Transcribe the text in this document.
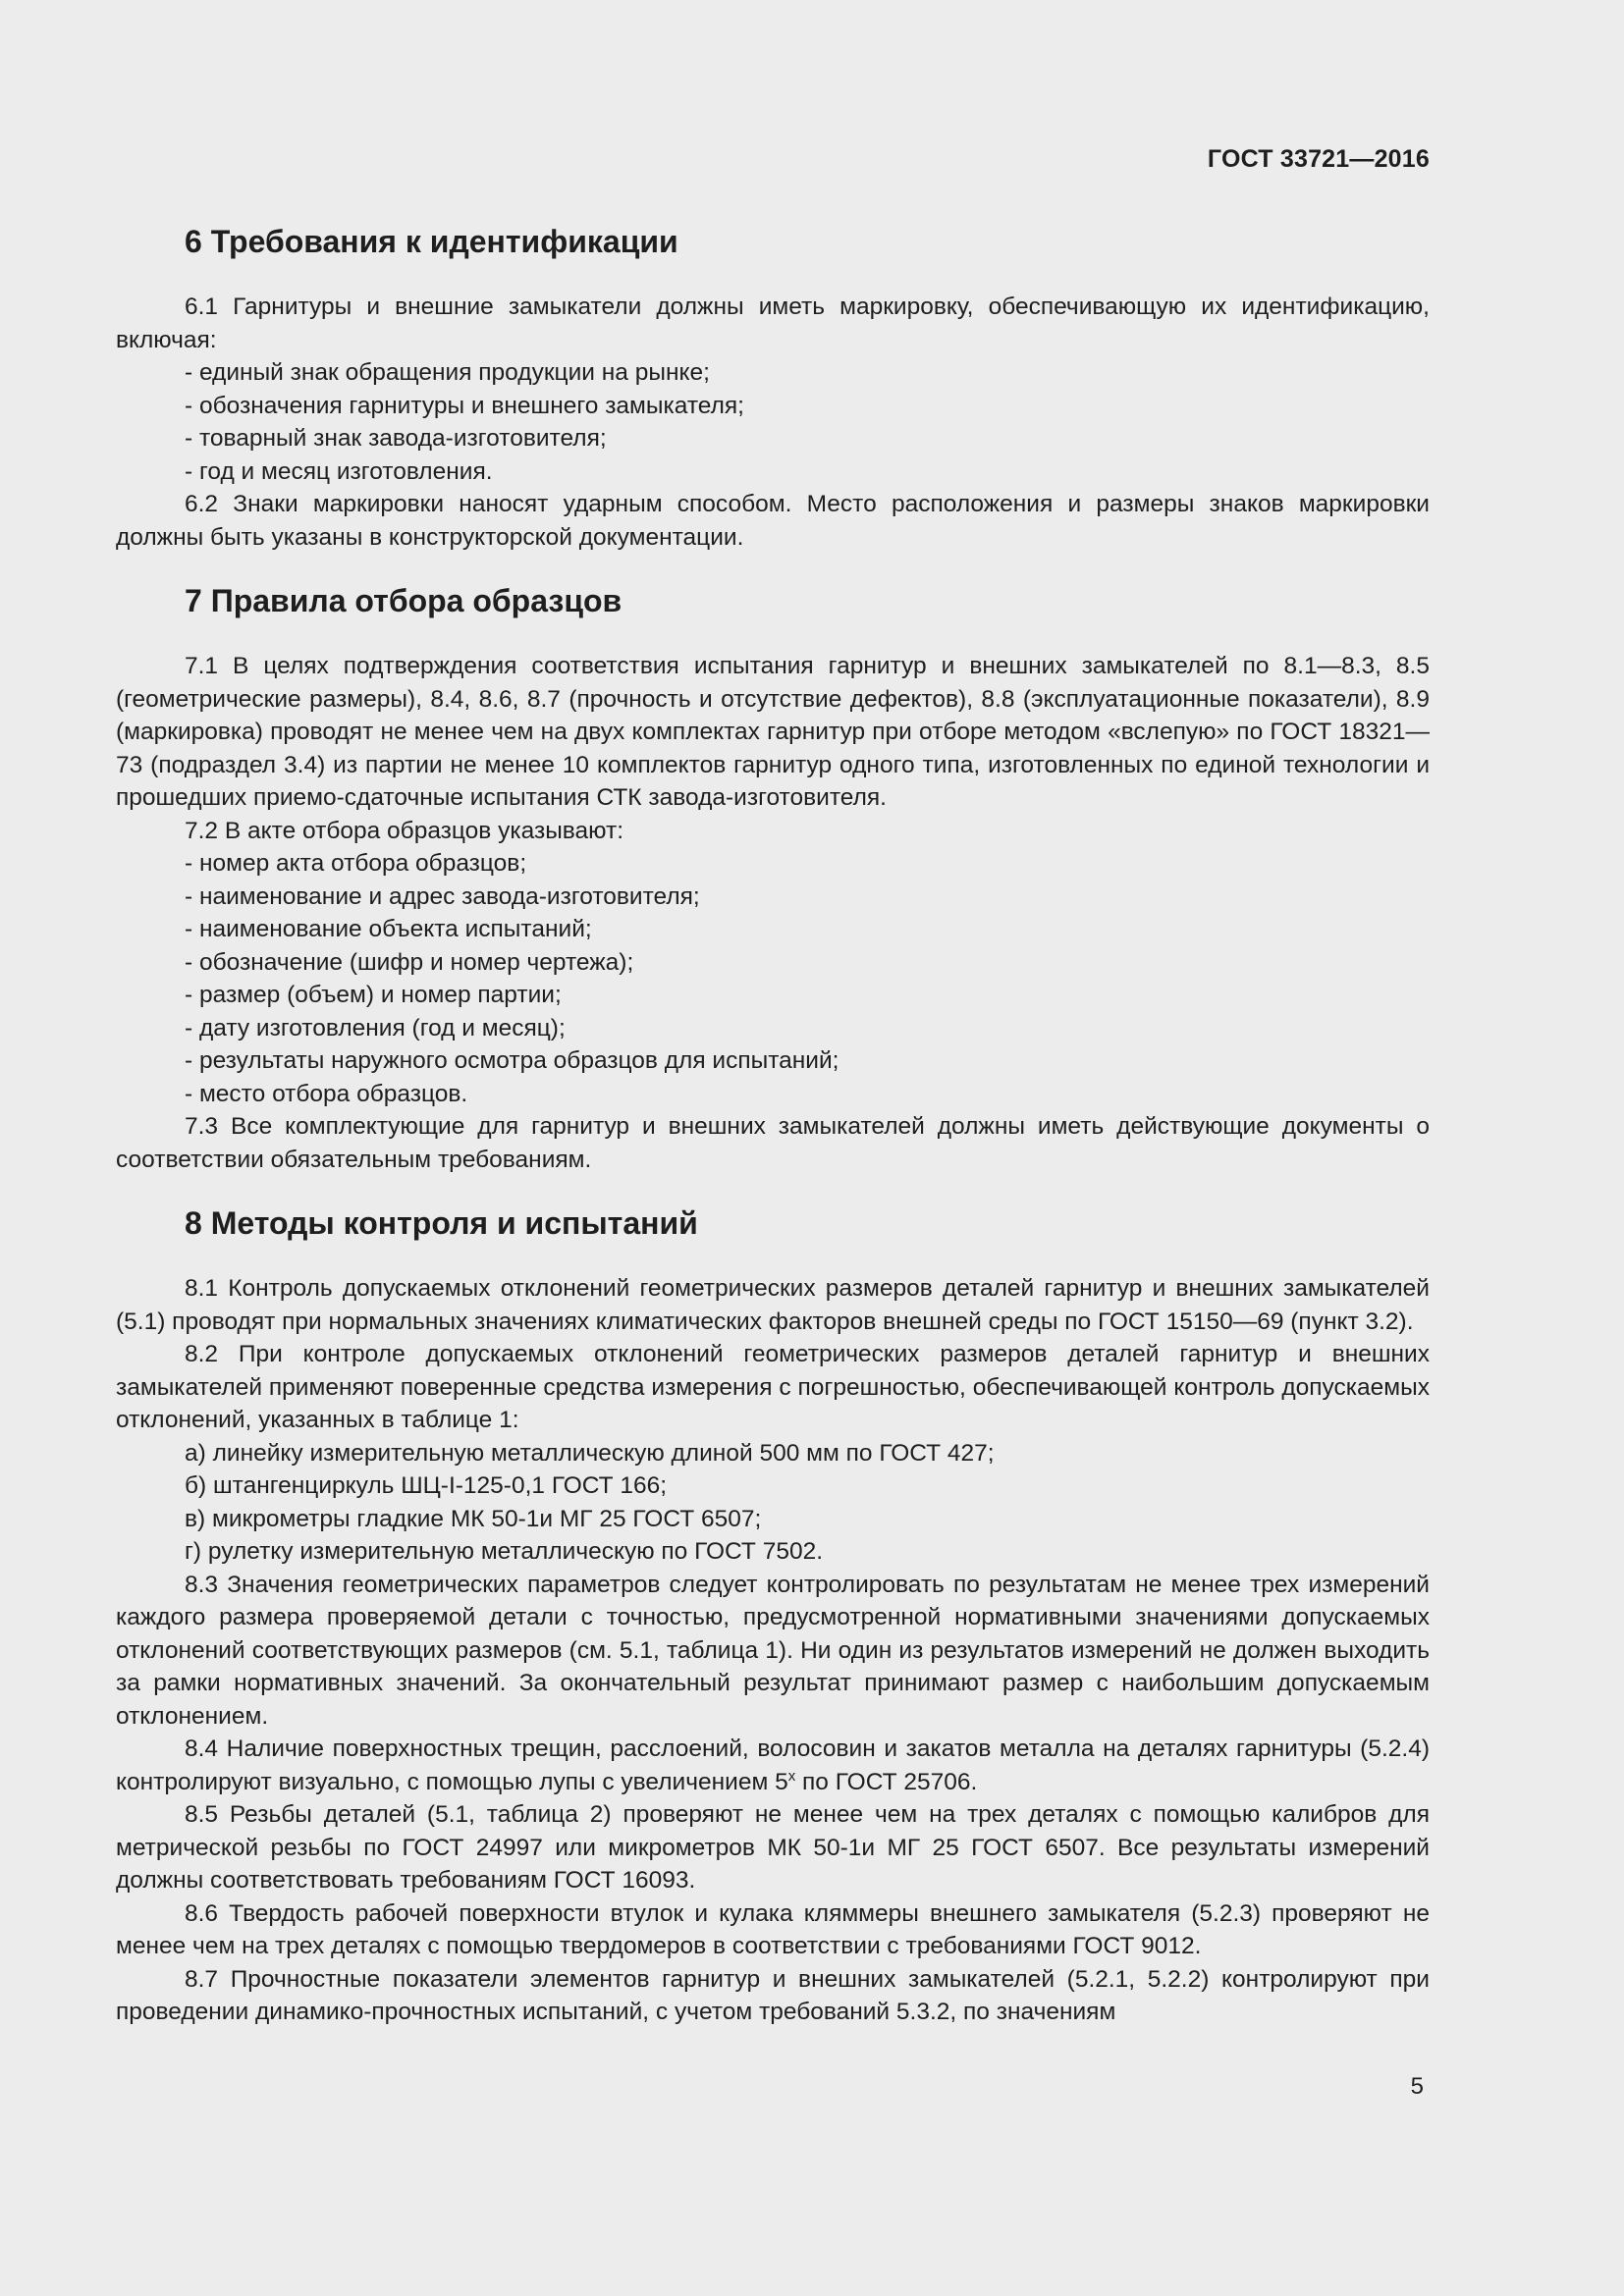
ГОСТ 33721—2016
6 Требования к идентификации

6.1 Гарнитуры и внешние замыкатели должны иметь маркировку, обеспечивающую их идентификацию, включая:

- единый знак обращения продукции на рынке;

- обозначения гарнитуры и внешнего замыкателя;

- товарный знак завода-изготовителя;

- год и месяц изготовления.

6.2 Знаки маркировки наносят ударным способом. Место расположения и размеры знаков маркировки должны быть указаны в конструкторской документации.

7 Правила отбора образцов

7.1 В целях подтверждения соответствия испытания гарнитур и внешних замыкателей по 8.1—8.3, 8.5 (геометрические размеры), 8.4, 8.6, 8.7 (прочность и отсутствие дефектов), 8.8 (эксплуатационные показатели), 8.9 (маркировка) проводят не менее чем на двух комплектах гарнитур при отборе методом «вслепую» по ГОСТ 18321—73 (подраздел 3.4) из партии не менее 10 комплектов гарнитур одного типа, изготовленных по единой технологии и прошедших приемо-сдаточные испытания СТК завода-изготовителя.

7.2 В акте отбора образцов указывают:

- номер акта отбора образцов;

- наименование и адрес завода-изготовителя;

- наименование объекта испытаний;

- обозначение (шифр и номер чертежа);

- размер (объем) и номер партии;

- дату изготовления (год и месяц);

- результаты наружного осмотра образцов для испытаний;

- место отбора образцов.

7.3 Все комплектующие для гарнитур и внешних замыкателей должны иметь действующие документы о соответствии обязательным требованиям.

8 Методы контроля и испытаний

8.1 Контроль допускаемых отклонений геометрических размеров деталей гарнитур и внешних замыкателей (5.1) проводят при нормальных значениях климатических факторов внешней среды по ГОСТ 15150—69 (пункт 3.2).

8.2 При контроле допускаемых отклонений геометрических размеров деталей гарнитур и внешних замыкателей применяют поверенные средства измерения с погрешностью, обеспечивающей контроль допускаемых отклонений, указанных в таблице 1:

а) линейку измерительную металлическую длиной 500 мм по ГОСТ 427;

б) штангенциркуль ШЦ-I-125-0,1 ГОСТ 166;

в) микрометры гладкие МК 50-1и МГ 25 ГОСТ 6507;

г) рулетку измерительную металлическую по ГОСТ 7502.

8.3 Значения геометрических параметров следует контролировать по результатам не менее трех измерений каждого размера проверяемой детали с точностью, предусмотренной нормативными значениями допускаемых отклонений соответствующих размеров (см. 5.1, таблица 1). Ни один из результатов измерений не должен выходить за рамки нормативных значений. За окончательный результат принимают размер с наибольшим допускаемым отклонением.

8.4 Наличие поверхностных трещин, расслоений, волосовин и закатов металла на деталях гарнитуры (5.2.4) контролируют визуально, с помощью лупы с увеличением $5^х$ по ГОСТ 25706.

8.5 Резьбы деталей (5.1, таблица 2) проверяют не менее чем на трех деталях с помощью калибров для метрической резьбы по ГОСТ 24997 или микрометров МК 50-1и МГ 25 ГОСТ 6507. Все результаты измерений должны соответствовать требованиям ГОСТ 16093.

8.6 Твердость рабочей поверхности втулок и кулака кляммеры внешнего замыкателя (5.2.3) проверяют не менее чем на трех деталях с помощью твердомеров в соответствии с требованиями ГОСТ 9012.

8.7 Прочностные показатели элементов гарнитур и внешних замыкателей (5.2.1, 5.2.2) контролируют при проведении динамико-прочностных испытаний, с учетом требований 5.3.2, по значениям

5
